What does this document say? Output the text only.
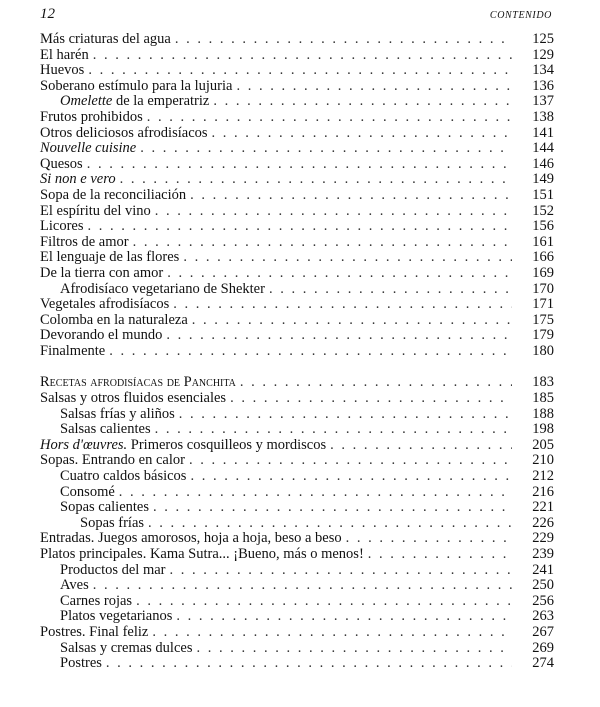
12	CONTENIDO
Más criaturas del agua . . .	125
El harén . . .	129
Huevos . . .	134
Soberano estímulo para la lujuria . . .	136
Omelette de la emperatriz . . .	137
Frutos prohibidos . . .	138
Otros deliciosos afrodisíacos . . .	141
Nouvelle cuisine . . .	144
Quesos . . .	146
Si non e vero . . .	149
Sopa de la reconciliación . . .	151
El espíritu del vino . . .	152
Licores . . .	156
Filtros de amor . . .	161
El lenguaje de las flores . . .	166
De la tierra con amor . . .	169
Afrodisíaco vegetariano de Shekter . . .	170
Vegetales afrodisíacos . . .	171
Colomba en la naturaleza . . .	175
Devorando el mundo . . .	179
Finalmente . . .	180
Recetas afrodisíacas de Panchita . . .	183
Salsas y otros fluidos esenciales . . .	185
Salsas frías y aliños . . .	188
Salsas calientes . . .	198
Hors d'œuvres. Primeros cosquilleos y mordiscos . . .	205
Sopas. Entrando en calor . . .	210
Cuatro caldos básicos . . .	212
Consomé . . .	216
Sopas calientes . . .	221
Sopas frías . . .	226
Entradas. Juegos amorosos, hoja a hoja, beso a beso . . .	229
Platos principales. Kama Sutra... ¡Bueno, más o menos! . . .	239
Productos del mar . . .	241
Aves . . .	250
Carnes rojas . . .	256
Platos vegetarianos . . .	263
Postres. Final feliz . . .	267
Salsas y cremas dulces . . .	269
Postres . . .	274
